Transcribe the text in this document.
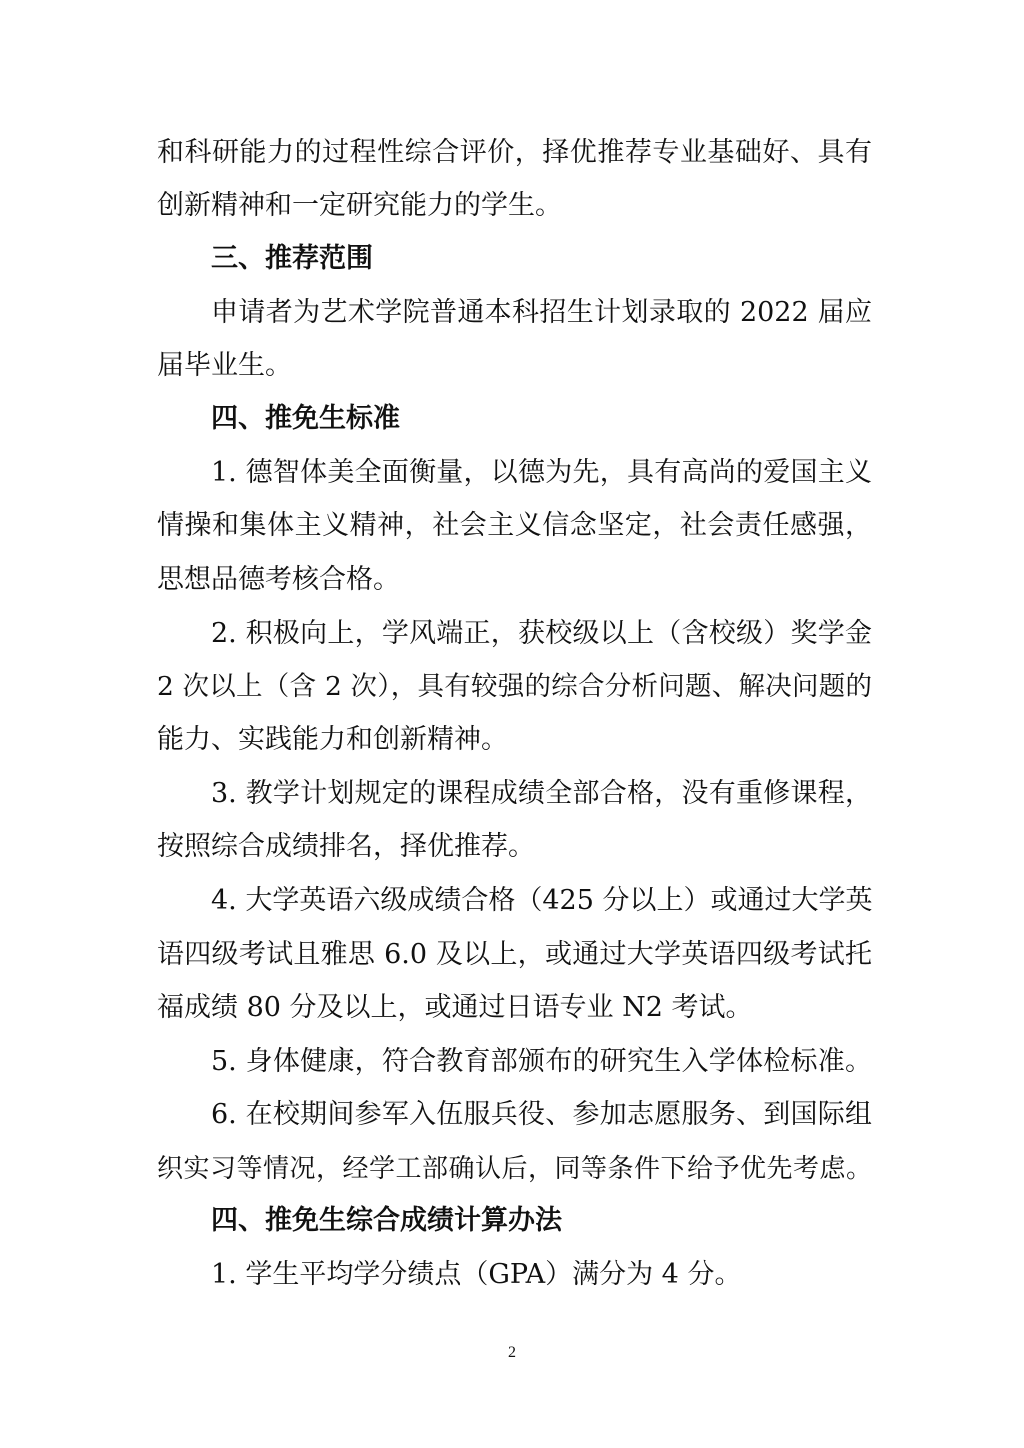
和科研能力的过程性综合评价，择优推荐专业基础好、具有
创新精神和一定研究能力的学生。
三、推荐范围
申请者为艺术学院普通本科招生计划录取的 2022 届应
届毕业生。
四、推免生标准
1. 德智体美全面衡量，以德为先，具有高尚的爱国主义
情操和集体主义精神，社会主义信念坚定，社会责任感强，
思想品德考核合格。
2. 积极向上，学风端正，获校级以上（含校级）奖学金
2 次以上（含 2 次），具有较强的综合分析问题、解决问题的
能力、实践能力和创新精神。
3. 教学计划规定的课程成绩全部合格，没有重修课程，
按照综合成绩排名，择优推荐。
4. 大学英语六级成绩合格（425 分以上）或通过大学英
语四级考试且雅思 6.0 及以上，或通过大学英语四级考试托
福成绩 80 分及以上，或通过日语专业 N2 考试。
5. 身体健康，符合教育部颁布的研究生入学体检标准。
6. 在校期间参军入伍服兵役、参加志愿服务、到国际组
织实习等情况，经学工部确认后，同等条件下给予优先考虑。
四、推免生综合成绩计算办法
1. 学生平均学分绩点（GPA）满分为 4 分。
2
